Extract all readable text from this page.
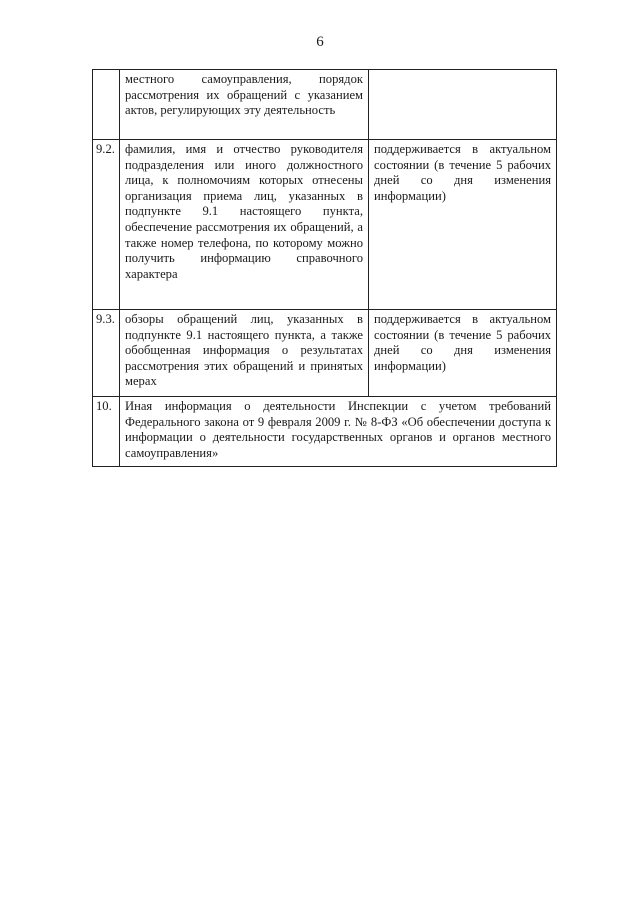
6
	местного самоуправления, порядок рассмотрения их обращений с указанием актов, регулирующих эту деятельность	
9.2.	фамилия, имя и отчество руководителя подразделения или иного должностного лица, к полномочиям которых отнесены организация приема лиц, указанных в подпункте 9.1 настоящего пункта, обеспечение рассмотрения их обращений, а также номер телефона, по которому можно получить информацию справочного характера	поддерживается в актуальном состоянии (в течение 5 рабочих дней со дня изменения информации)
9.3.	обзоры обращений лиц, указанных в подпункте 9.1 настоящего пункта, а также обобщенная информация о результатах рассмотрения этих обращений и принятых мерах	поддерживается в актуальном состоянии (в течение 5 рабочих дней со дня изменения информации)
10.	Иная информация о деятельности Инспекции с учетом требований Федерального закона от 9 февраля 2009 г. № 8-ФЗ «Об обеспечении доступа к информации о деятельности государственных органов и органов местного самоуправления»	
